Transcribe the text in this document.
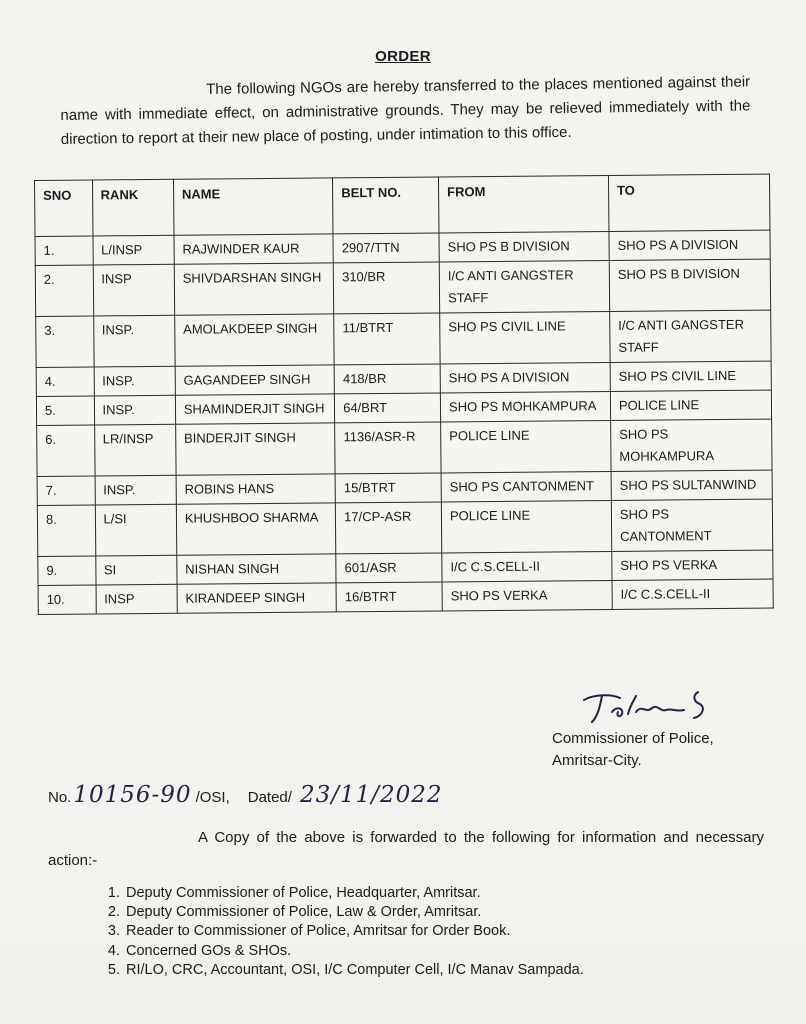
ORDER
The following NGOs are hereby transferred to the places mentioned against their name with immediate effect, on administrative grounds. They may be relieved immediately with the direction to report at their new place of posting, under intimation to this office.
SNO	RANK	NAME	BELT NO.	FROM	TO
1.	L/INSP	RAJWINDER KAUR	2907/TTN	SHO PS B DIVISION	SHO PS A DIVISION
2.	INSP	SHIVDARSHAN SINGH	310/BR	I/C ANTI GANGSTER STAFF	SHO PS B DIVISION
3.	INSP.	AMOLAKDEEP SINGH	11/BTRT	SHO PS CIVIL LINE	I/C ANTI GANGSTER STAFF
4.	INSP.	GAGANDEEP SINGH	418/BR	SHO PS A DIVISION	SHO PS CIVIL LINE
5.	INSP.	SHAMINDERJIT SINGH	64/BRT	SHO PS MOHKAMPURA	POLICE LINE
6.	LR/INSP	BINDERJIT SINGH	1136/ASR-R	POLICE LINE	SHO PS MOHKAMPURA
7.	INSP.	ROBINS HANS	15/BTRT	SHO PS CANTONMENT	SHO PS SULTANWIND
8.	L/SI	KHUSHBOO SHARMA	17/CP-ASR	POLICE LINE	SHO PS CANTONMENT
9.	SI	NISHAN SINGH	601/ASR	I/C C.S.CELL-II	SHO PS VERKA
10.	INSP	KIRANDEEP SINGH	16/BTRT	SHO PS VERKA	I/C C.S.CELL-II
Commissioner of Police,
Amritsar-City.
No. 10156-90 /OSI, Dated/ 23/11/2022
A Copy of the above is forwarded to the following for information and necessary action:-
1. Deputy Commissioner of Police, Headquarter, Amritsar.
2. Deputy Commissioner of Police, Law & Order, Amritsar.
3. Reader to Commissioner of Police, Amritsar for Order Book.
4. Concerned GOs & SHOs.
5. RI/LO, CRC, Accountant, OSI, I/C Computer Cell, I/C Manav Sampada.
